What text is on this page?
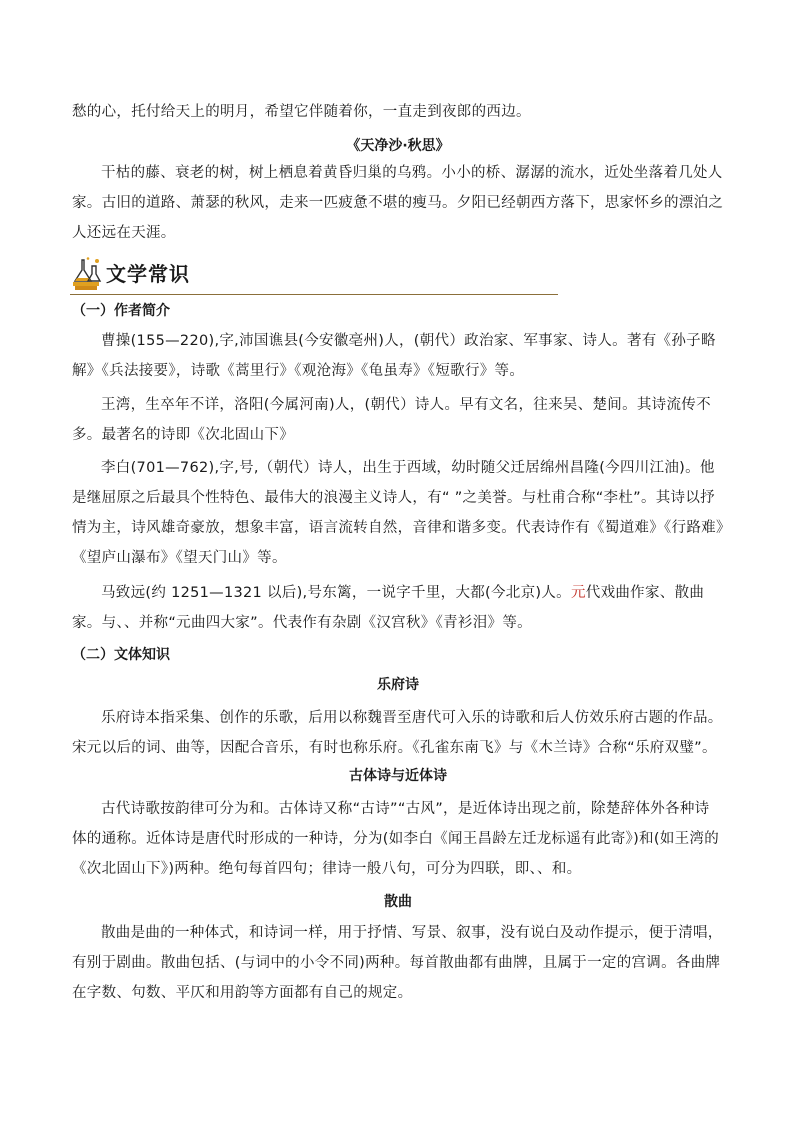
愁的心，托付给天上的明月，希望它伴随着你，一直走到夜郎的西边。

《天净沙·秋思》

干枯的藤、衰老的树，树上栖息着黄昏归巢的乌鸦。小小的桥、潺潺的流水，近处坐落着几处人家。古旧的道路、萧瑟的秋风，走来一匹疲惫不堪的瘦马。夕阳已经朝西方落下，思家怀乡的漂泊之人还远在天涯。

文学常识

（一）作者简介

曹操(155—220),字,沛国谯县(今安徽亳州)人，(朝代）政治家、军事家、诗人。著有《孙子略解》《兵法接要》，诗歌《蒿里行》《观沧海》《龟虽寿》《短歌行》等。

王湾，生卒年不详，洛阳(今属河南)人，(朝代）诗人。早有文名，往来吴、楚间。其诗流传不多。最著名的诗即《次北固山下》

李白(701—762),字,号,（朝代）诗人，出生于西域，幼时随父迁居绵州昌隆(今四川江油)。他是继屈原之后最具个性特色、最伟大的浪漫主义诗人，有“ ”之美誉。与杜甫合称“李杜”。其诗以抒情为主，诗风雄奇豪放，想象丰富，语言流转自然，音律和谐多变。代表诗作有《蜀道难》《行路难》《望庐山瀑布》《望天门山》等。

马致远(约 1251—1321 以后),号东篱，一说字千里，大都(今北京)人。元代戏曲作家、散曲家。与、、并称“元曲四大家”。代表作有杂剧《汉宫秋》《青衫泪》等。

（二）文体知识

乐府诗

乐府诗本指采集、创作的乐歌，后用以称魏晋至唐代可入乐的诗歌和后人仿效乐府古题的作品。宋元以后的词、曲等，因配合音乐，有时也称乐府。《孔雀东南飞》与《木兰诗》合称“乐府双璧”。

古体诗与近体诗

古代诗歌按韵律可分为和。古体诗又称“古诗”“古风”，是近体诗出现之前，除楚辞体外各种诗体的通称。近体诗是唐代时形成的一种诗，分为(如李白《闻王昌龄左迁龙标遥有此寄》)和(如王湾的《次北固山下》)两种。绝句每首四句；律诗一般八句，可分为四联，即、、和。

散曲

散曲是曲的一种体式，和诗词一样，用于抒情、写景、叙事，没有说白及动作提示，便于清唱，有别于剧曲。散曲包括、(与词中的小令不同)两种。每首散曲都有曲牌，且属于一定的宫调。各曲牌在字数、句数、平仄和用韵等方面都有自己的规定。
